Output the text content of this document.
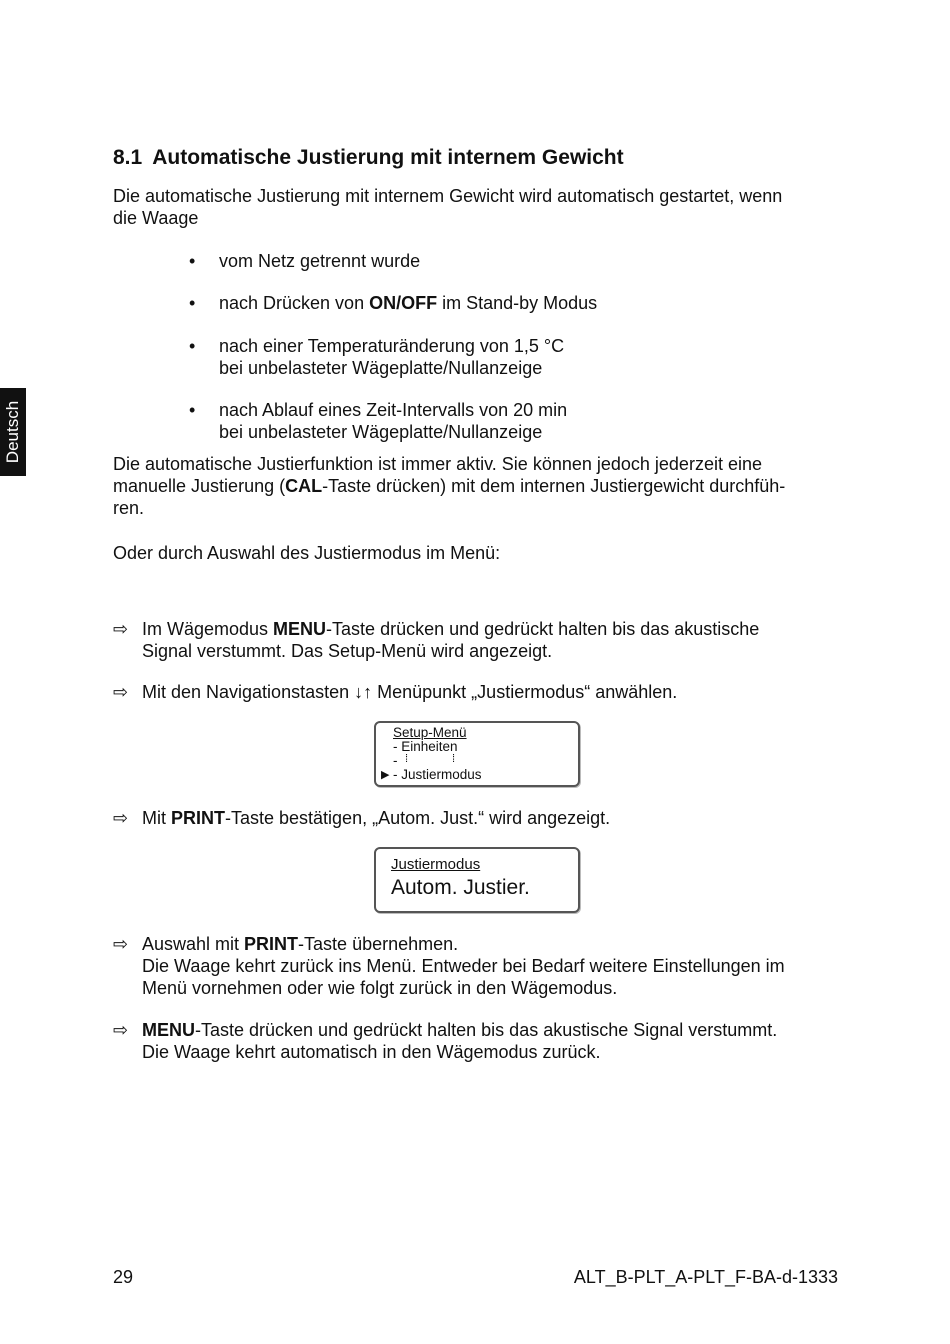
Deutsch
8.1 Automatische Justierung mit internem Gewicht
Die automatische Justierung mit internem Gewicht wird automatisch gestartet, wenn
die Waage
• vom Netz getrennt wurde
• nach Drücken von ON/OFF im Stand-by Modus
• nach einer Temperaturänderung von 1,5 °C
bei unbelasteter Wägeplatte/Nullanzeige
• nach Ablauf eines Zeit-Intervalls von 20 min
bei unbelasteter Wägeplatte/Nullanzeige
Die automatische Justierfunktion ist immer aktiv. Sie können jedoch jederzeit eine
manuelle Justierung (CAL-Taste drücken) mit dem internen Justiergewicht durchfüh-
ren.
Oder durch Auswahl des Justiermodus im Menü:
⇨ Im Wägemodus MENU-Taste drücken und gedrückt halten bis das akustische
Signal verstummt. Das Setup-Menü wird angezeigt.
⇨ Mit den Navigationstasten ↓↑ Menüpunkt „Justiermodus“ anwählen.
Setup-Menü
- Einheiten
- ⁞	⁞
▶ - Justiermodus
⇨ Mit PRINT-Taste bestätigen, „Autom. Just.“ wird angezeigt.
Justiermodus
Autom. Justier.
⇨ Auswahl mit PRINT-Taste übernehmen.
Die Waage kehrt zurück ins Menü. Entweder bei Bedarf weitere Einstellungen im
Menü vornehmen oder wie folgt zurück in den Wägemodus.
⇨ MENU-Taste drücken und gedrückt halten bis das akustische Signal verstummt.
Die Waage kehrt automatisch in den Wägemodus zurück.
29	ALT_B-PLT_A-PLT_F-BA-d-1333
